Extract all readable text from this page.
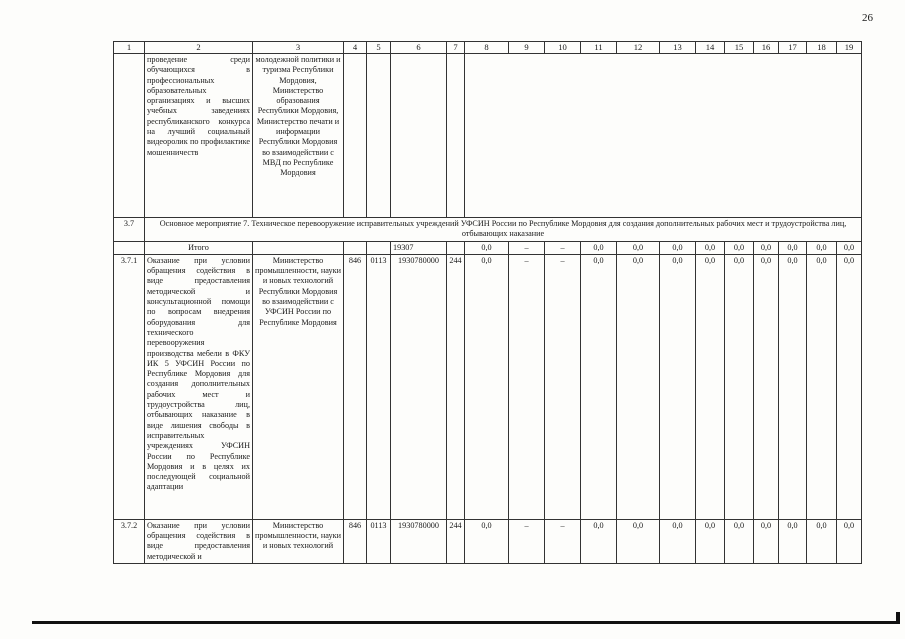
26
1	2	3	4	5	6	7	8	9	10	11	12	13	14	15	16	17	18	19
	проведение среди обучающихся в профессиональных образовательных организациях и высших учебных заведениях республиканского конкурса на лучший социальный видеоролик по профилактике мошенничеств	молодежной политики и туризма Республики Мордовия, Министерство образования Республики Мордовия, Министерство печати и информации Республики Мордовия во взаимодействии с МВД по Республике Мордовия																
3.7	Основное мероприятие 7. Техническое перевооружение исправительных учреждений УФСИН России по Республике Мордовия для создания дополнительных рабочих мест и трудоустройства лиц, отбывающих наказание																	
	Итого				19307		0,0	–	–	0,0	0,0	0,0	0,0	0,0	0,0	0,0	0,0	0,0
3.7.1	Оказание при условии обращения содействия в виде предоставления методической и консультационной помощи по вопросам внедрения оборудования для технического перевооружения производства мебели в ФКУ ИК 5 УФСИН России по Республике Мордовия для создания дополнительных рабочих мест и трудоустройства лиц, отбывающих наказание в виде лишения свободы в исправительных учреждениях УФСИН России по Республике Мордовия и в целях их последующей социальной адаптации	Министерство промышленности, науки и новых технологий Республики Мордовия во взаимодействии с УФСИН России по Республике Мордовия	846	0113	1930780000	244	0,0	–	–	0,0	0,0	0,0	0,0	0,0	0,0	0,0	0,0	0,0
3.7.2	Оказание при условии обращения содействия в виде предоставления методической и	Министерство промышленности, науки и новых технологий	846	0113	1930780000	244	0,0	–	–	0,0	0,0	0,0	0,0	0,0	0,0	0,0	0,0	0,0
